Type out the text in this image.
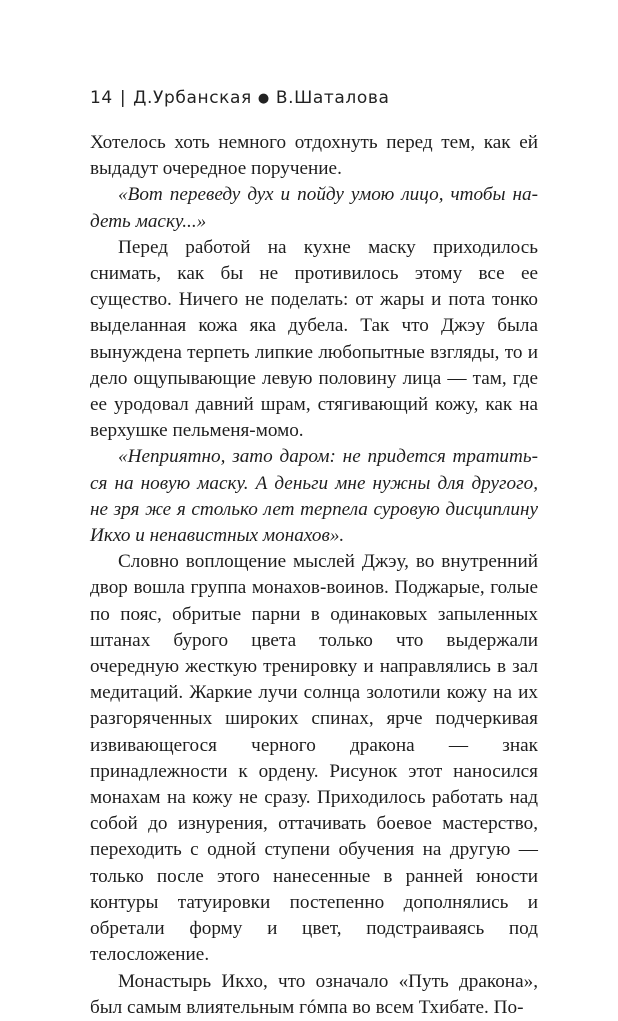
14 | Д.Урбанская ● В.Шаталова

Хотелось хоть немного отдохнуть перед тем, как ей выдадут очередное поручение.

«Вот переведу дух и пойду умою лицо, чтобы надеть маску...»

Перед работой на кухне маску приходилось снимать, как бы не противилось этому все ее существо. Ничего не поделать: от жары и пота тонко выделанная кожа яка дубела. Так что Джэу была вынуждена терпеть липкие любопытные взгляды, то и дело ощупывающие левую половину лица — там, где ее уродовал давний шрам, стягивающий кожу, как на верхушке пельменя-момо.

«Неприятно, зато даром: не придется тратиться на новую маску. А деньги мне нужны для другого, не зря же я столько лет терпела суровую дисциплину Икхо и ненавистных монахов».

Словно воплощение мыслей Джэу, во внутренний двор вошла группа монахов-воинов. Поджарые, голые по пояс, обритые парни в одинаковых запыленных штанах бурого цвета только что выдержали очередную жесткую тренировку и направлялись в зал медитаций. Жаркие лучи солнца золотили кожу на их разгоряченных широких спинах, ярче подчеркивая извивающегося черного дракона — знак принадлежности к ордену. Рисунок этот наносился монахам на кожу не сразу. Приходилось работать над собой до изнурения, оттачивать боевое мастерство, переходить с одной ступени обучения на другую — только после этого нанесенные в ранней юности контуры татуировки постепенно дополнялись и обретали форму и цвет, подстраиваясь под телосложение.

Монастырь Икхо, что означало «Путь дракона», был самым влиятельным гóмпа во всем Тхибате. По-
